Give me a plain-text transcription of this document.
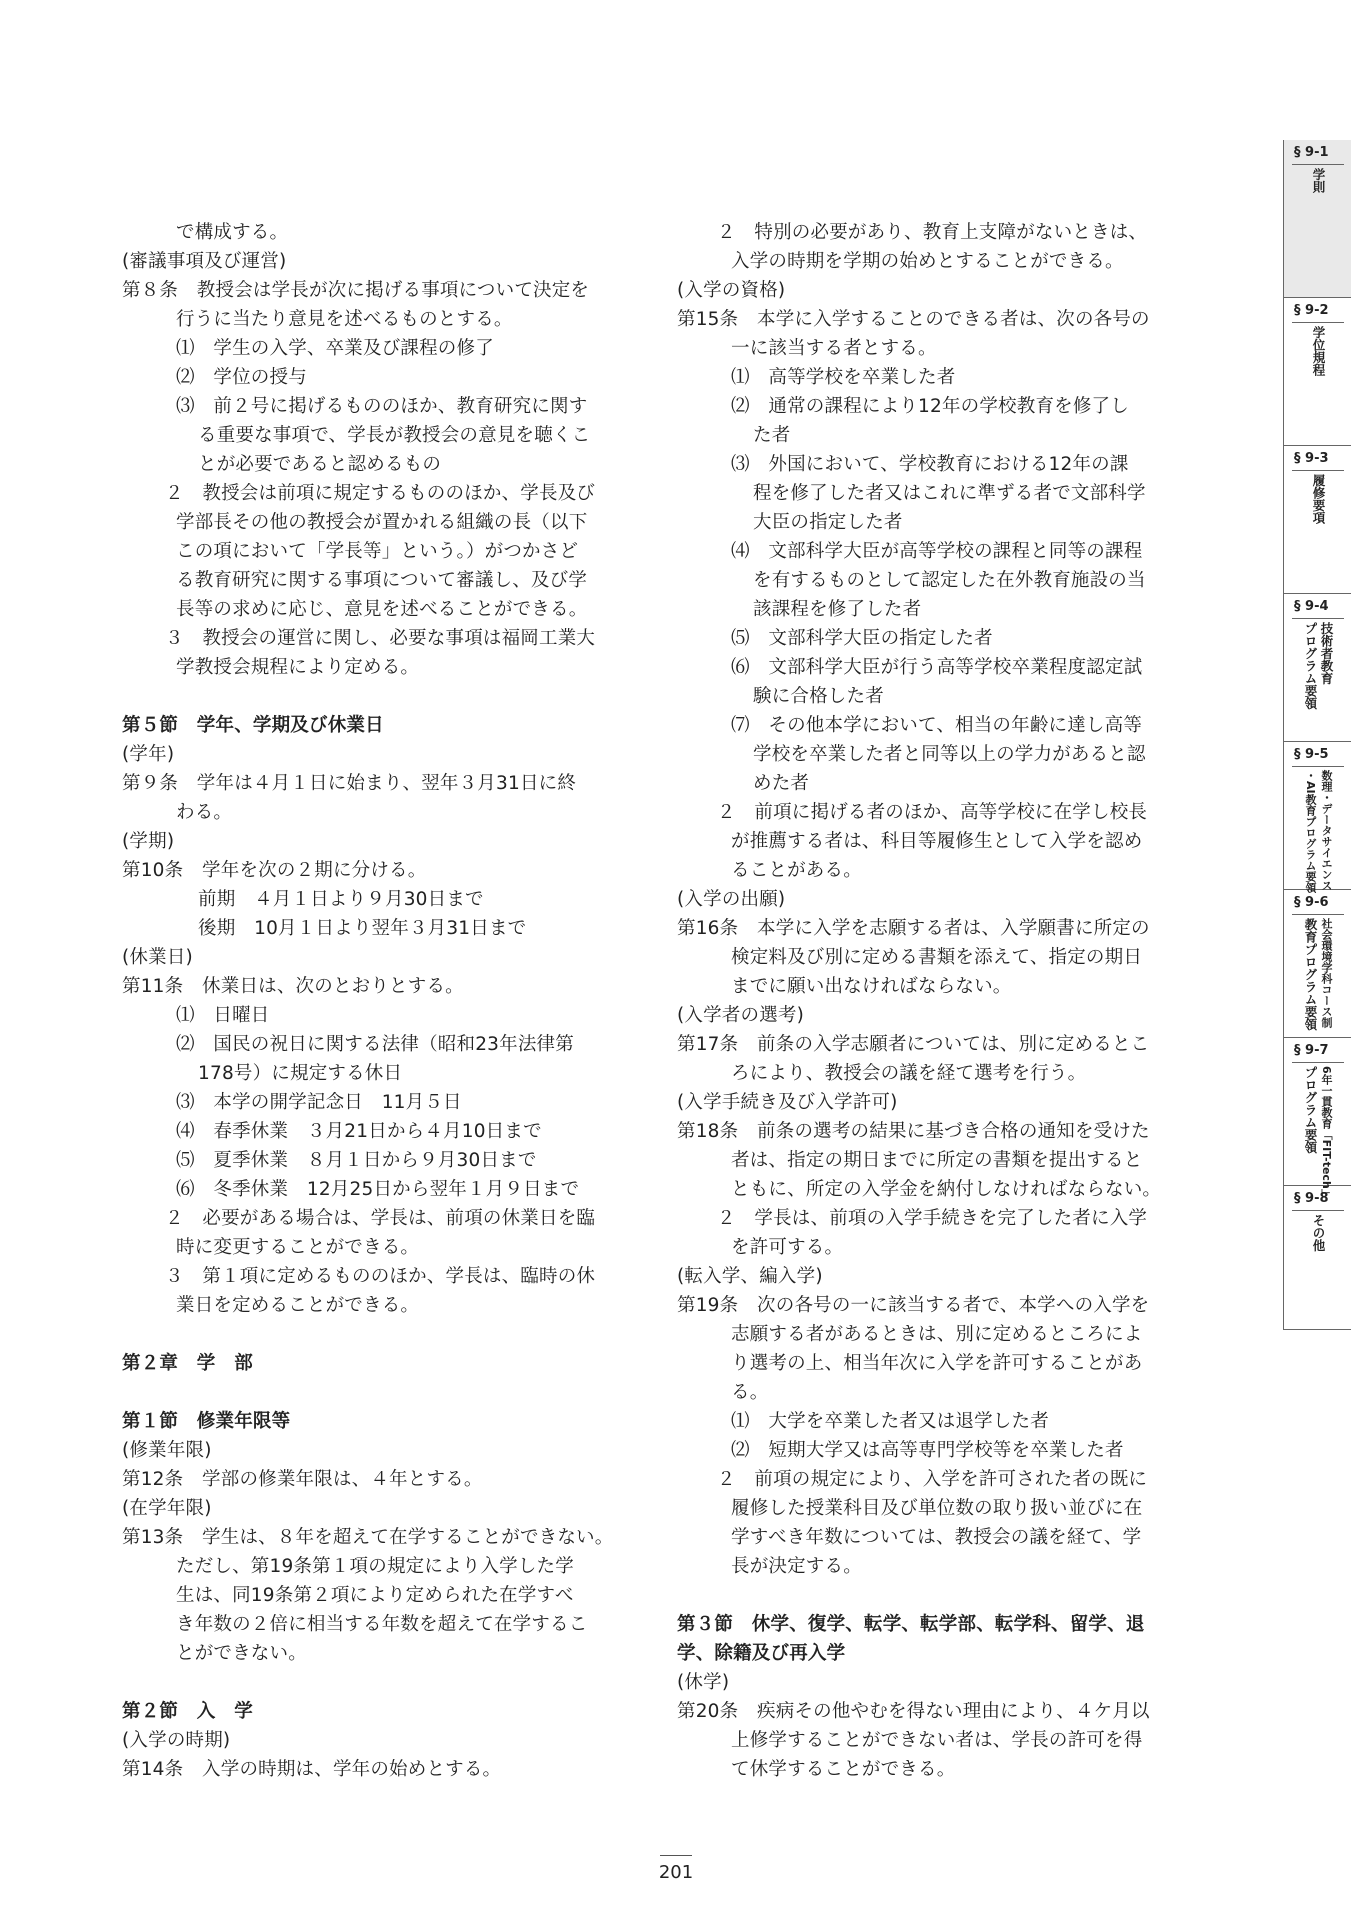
で構成する。
(審議事項及び運営)
第８条　教授会は学長が次に掲げる事項について決定を
行うに当たり意見を述べるものとする。
⑴　学生の入学、卒業及び課程の修了
⑵　学位の授与
⑶　前２号に掲げるもののほか、教育研究に関す
る重要な事項で、学長が教授会の意見を聴くこ
とが必要であると認めるもの
２　教授会は前項に規定するもののほか、学長及び
学部長その他の教授会が置かれる組織の長（以下
この項において「学長等」という。）がつかさど
る教育研究に関する事項について審議し、及び学
長等の求めに応じ、意見を述べることができる。
３　教授会の運営に関し、必要な事項は福岡工業大
学教授会規程により定める。
第５節　学年、学期及び休業日
(学年)
第９条　学年は４月１日に始まり、翌年３月31日に終
わる。
(学期)
第10条　学年を次の２期に分ける。
前期　４月１日より９月30日まで
後期　10月１日より翌年３月31日まで
(休業日)
第11条　休業日は、次のとおりとする。
⑴　日曜日
⑵　国民の祝日に関する法律（昭和23年法律第
178号）に規定する休日
⑶　本学の開学記念日　11月５日
⑷　春季休業　３月21日から４月10日まで
⑸　夏季休業　８月１日から９月30日まで
⑹　冬季休業　12月25日から翌年１月９日まで
２　必要がある場合は、学長は、前項の休業日を臨
時に変更することができる。
３　第１項に定めるもののほか、学長は、臨時の休
業日を定めることができる。
第２章　学　部
第１節　修業年限等
(修業年限)
第12条　学部の修業年限は、４年とする。
(在学年限)
第13条　学生は、８年を超えて在学することができない。
ただし、第19条第１項の規定により入学した学
生は、同19条第２項により定められた在学すべ
き年数の２倍に相当する年数を超えて在学するこ
とができない。
第２節　入　学
(入学の時期)
第14条　入学の時期は、学年の始めとする。
２　特別の必要があり、教育上支障がないときは、
入学の時期を学期の始めとすることができる。
(入学の資格)
第15条　本学に入学することのできる者は、次の各号の
一に該当する者とする。
⑴　高等学校を卒業した者
⑵　通常の課程により12年の学校教育を修了し
た者
⑶　外国において、学校教育における12年の課
程を修了した者又はこれに準ずる者で文部科学
大臣の指定した者
⑷　文部科学大臣が高等学校の課程と同等の課程
を有するものとして認定した在外教育施設の当
該課程を修了した者
⑸　文部科学大臣の指定した者
⑹　文部科学大臣が行う高等学校卒業程度認定試
験に合格した者
⑺　その他本学において、相当の年齢に達し高等
学校を卒業した者と同等以上の学力があると認
めた者
２　前項に掲げる者のほか、高等学校に在学し校長
が推薦する者は、科目等履修生として入学を認め
ることがある。
(入学の出願)
第16条　本学に入学を志願する者は、入学願書に所定の
検定料及び別に定める書類を添えて、指定の期日
までに願い出なければならない。
(入学者の選考)
第17条　前条の入学志願者については、別に定めるとこ
ろにより、教授会の議を経て選考を行う。
(入学手続き及び入学許可)
第18条　前条の選考の結果に基づき合格の通知を受けた
者は、指定の期日までに所定の書類を提出すると
ともに、所定の入学金を納付しなければならない。
２　学長は、前項の入学手続きを完了した者に入学
を許可する。
(転入学、編入学)
第19条　次の各号の一に該当する者で、本学への入学を
志願する者があるときは、別に定めるところによ
り選考の上、相当年次に入学を許可することがあ
る。
⑴　大学を卒業した者又は退学した者
⑵　短期大学又は高等専門学校等を卒業した者
２　前項の規定により、入学を許可された者の既に
履修した授業科目及び単位数の取り扱い並びに在
学すべき年数については、教授会の議を経て、学
長が決定する。
第３節　休学、復学、転学、転学部、転学科、留学、退
学、除籍及び再入学
(休学)
第20条　疾病その他やむを得ない理由により、４ケ月以
上修学することができない者は、学長の許可を得
て休学することができる。
§ 9-1
学則
§ 9-2
学位規程
§ 9-3
履修要項
§ 9-4
技術者教育
プログラム要領
§ 9-5
数理・データサイエンス
・AI教育プログラム要領
§ 9-6
社会環境学科コース制
教育プログラム要領
§ 9-7
6年一貫教育「FIT-tech」
プログラム要領
§ 9-8
その他
201
